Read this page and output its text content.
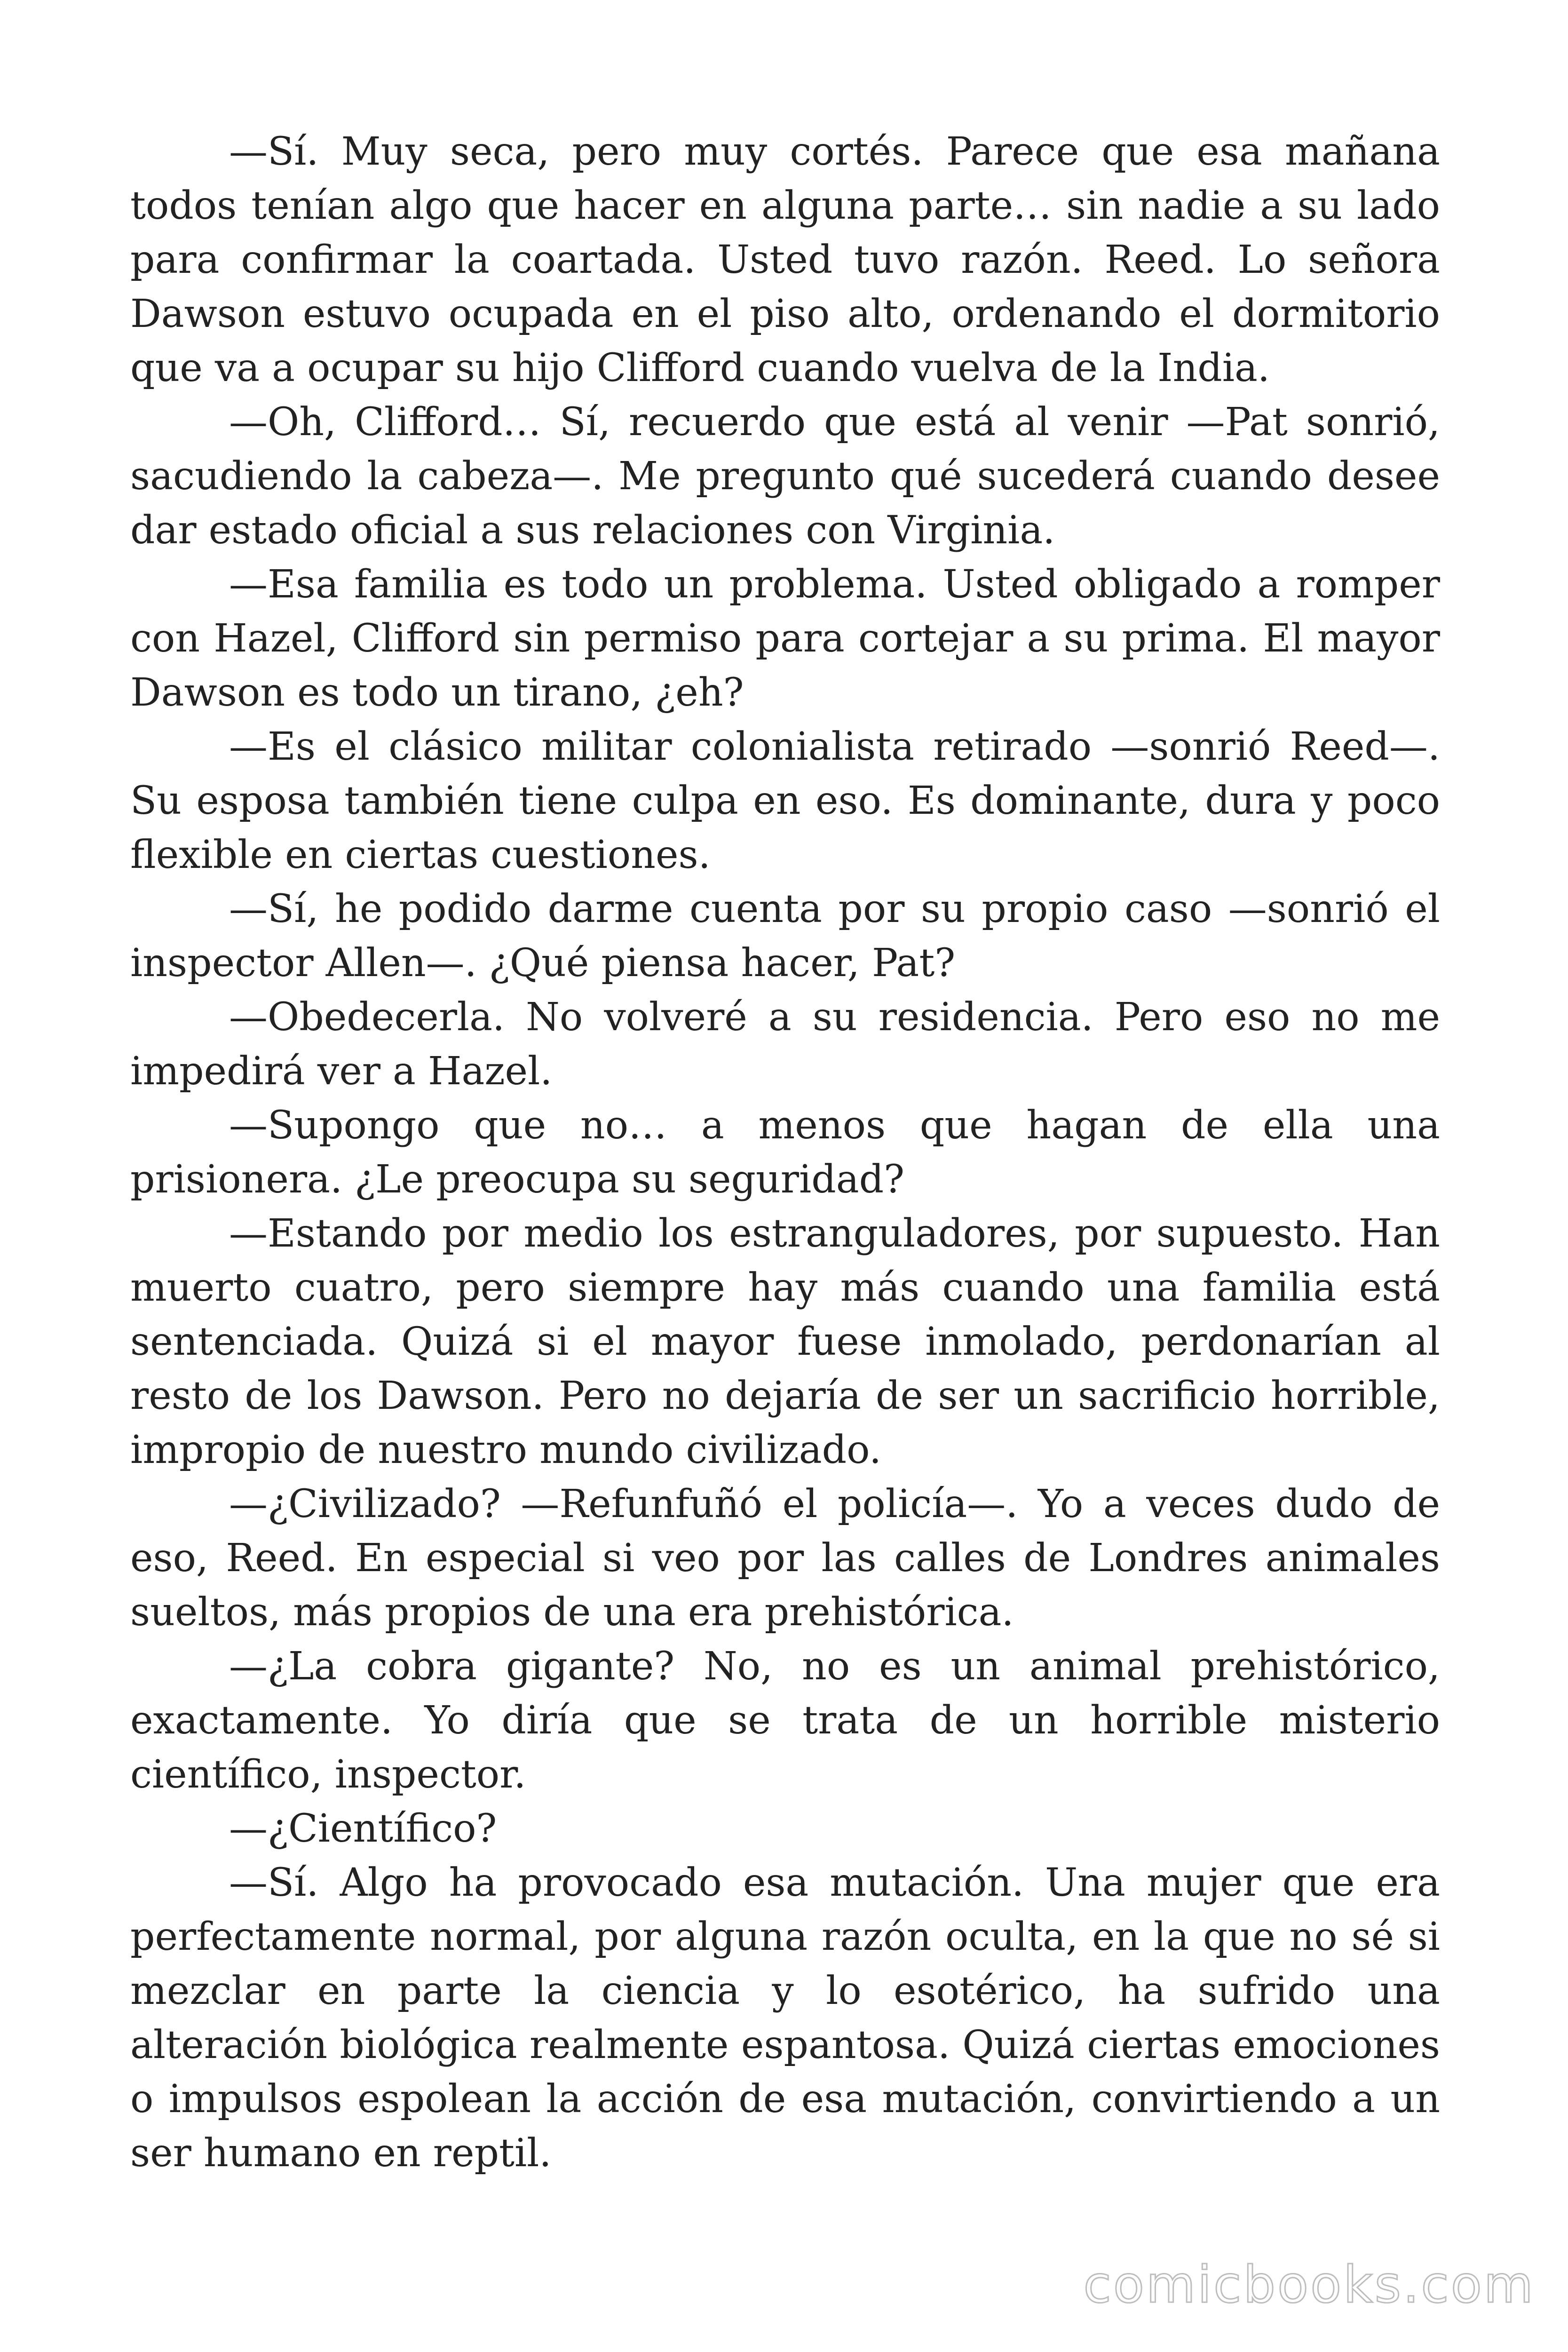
—Sí. Muy seca, pero muy cortés. Parece que esa mañana todos tenían algo que hacer en alguna parte… sin nadie a su lado para confirmar la coartada. Usted tuvo razón. Reed. Lo señora Dawson estuvo ocupada en el piso alto, ordenando el dormitorio que va a ocupar su hijo Clifford cuando vuelva de la India.

—Oh, Clifford… Sí, recuerdo que está al venir —Pat sonrió, sacudiendo la cabeza—. Me pregunto qué sucederá cuando desee dar estado oficial a sus relaciones con Virginia.

—Esa familia es todo un problema. Usted obligado a romper con Hazel, Clifford sin permiso para cortejar a su prima. El mayor Dawson es todo un tirano, ¿eh?

—Es el clásico militar colonialista retirado —sonrió Reed—. Su esposa también tiene culpa en eso. Es dominante, dura y poco flexible en ciertas cuestiones.

—Sí, he podido darme cuenta por su propio caso —sonrió el inspector Allen—. ¿Qué piensa hacer, Pat?

—Obedecerla. No volveré a su residencia. Pero eso no me impedirá ver a Hazel.

—Supongo que no… a menos que hagan de ella una prisionera. ¿Le preocupa su seguridad?

—Estando por medio los estranguladores, por supuesto. Han muerto cuatro, pero siempre hay más cuando una familia está sentenciada. Quizá si el mayor fuese inmolado, perdonarían al resto de los Dawson. Pero no dejaría de ser un sacrificio horrible, impropio de nuestro mundo civilizado.

—¿Civilizado? —Refunfuñó el policía—. Yo a veces dudo de eso, Reed. En especial si veo por las calles de Londres animales sueltos, más propios de una era prehistórica.

—¿La cobra gigante? No, no es un animal prehistórico, exactamente. Yo diría que se trata de un horrible misterio científico, inspector.

—¿Científico?

—Sí. Algo ha provocado esa mutación. Una mujer que era perfectamente normal, por alguna razón oculta, en la que no sé si mezclar en parte la ciencia y lo esotérico, ha sufrido una alteración biológica realmente espantosa. Quizá ciertas emociones o impulsos espolean la acción de esa mutación, convirtiendo a un ser humano en reptil.

comicbooks.com
